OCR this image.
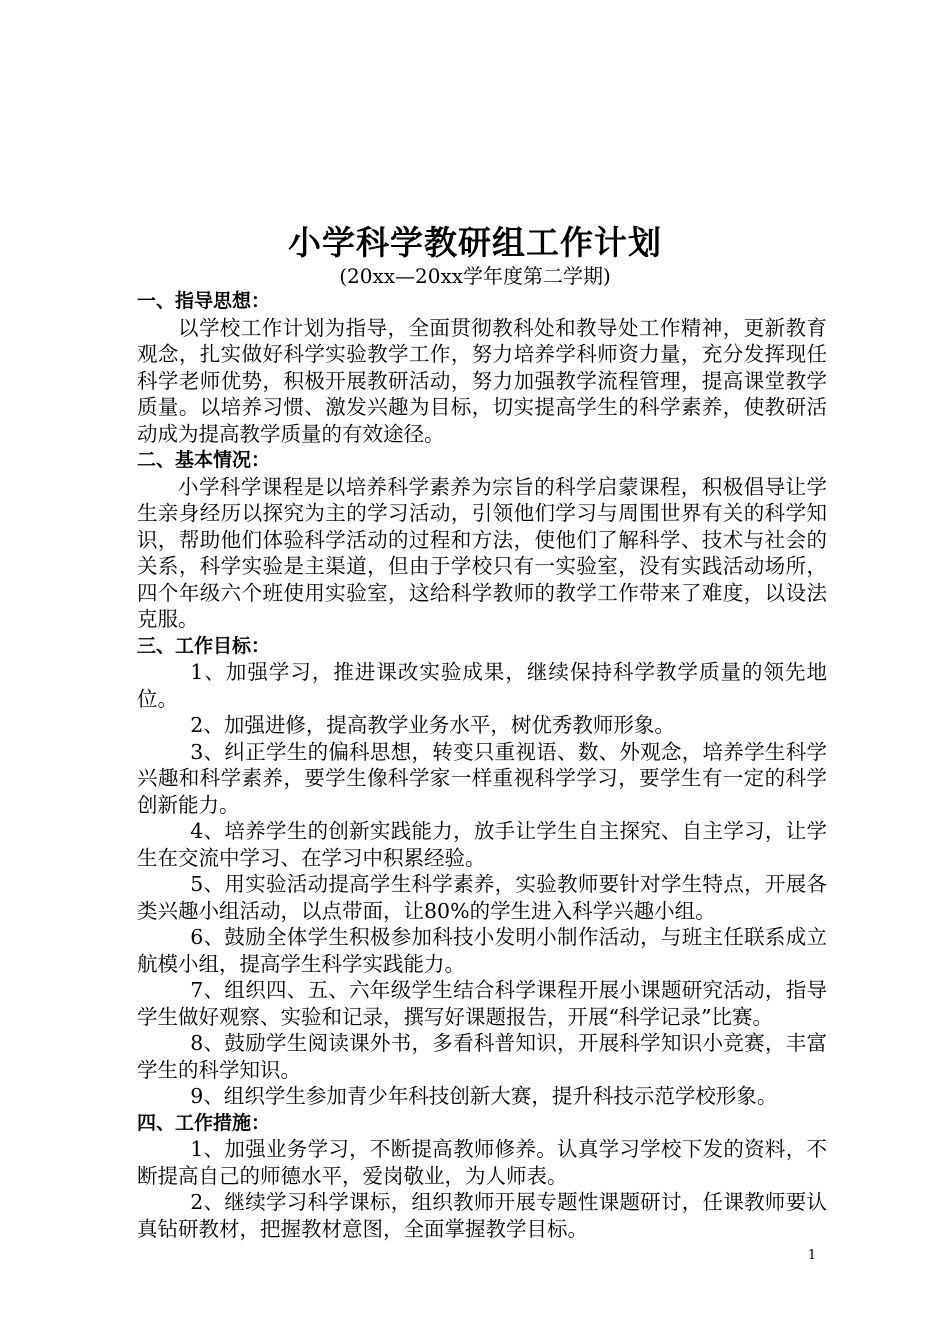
小学科学教研组工作计划
(20xx—20xx学年度第二学期)
一、指导思想：

以学校工作计划为指导，全面贯彻教科处和教导处工作精神，更新教育观念，扎实做好科学实验教学工作，努力培养学科师资力量，充分发挥现任科学老师优势，积极开展教研活动，努力加强教学流程管理，提高课堂教学质量。以培养习惯、激发兴趣为目标，切实提高学生的科学素养，使教研活动成为提高教学质量的有效途径。

二、基本情况：

小学科学课程是以培养科学素养为宗旨的科学启蒙课程，积极倡导让学生亲身经历以探究为主的学习活动，引领他们学习与周围世界有关的科学知识，帮助他们体验科学活动的过程和方法，使他们了解科学、技术与社会的关系，科学实验是主渠道，但由于学校只有一实验室，没有实践活动场所，四个年级六个班使用实验室，这给科学教师的教学工作带来了难度，以设法克服。

三、工作目标：

1、加强学习，推进课改实验成果，继续保持科学教学质量的领先地位。

2、加强进修，提高教学业务水平，树优秀教师形象。

3、纠正学生的偏科思想，转变只重视语、数、外观念，培养学生科学兴趣和科学素养，要学生像科学家一样重视科学学习，要学生有一定的科学创新能力。

4、培养学生的创新实践能力，放手让学生自主探究、自主学习，让学生在交流中学习、在学习中积累经验。

5、用实验活动提高学生科学素养，实验教师要针对学生特点，开展各类兴趣小组活动，以点带面，让80%的学生进入科学兴趣小组。

6、鼓励全体学生积极参加科技小发明小制作活动，与班主任联系成立航模小组，提高学生科学实践能力。

7、组织四、五、六年级学生结合科学课程开展小课题研究活动，指导学生做好观察、实验和记录，撰写好课题报告，开展“科学记录”比赛。

8、鼓励学生阅读课外书，多看科普知识，开展科学知识小竞赛，丰富学生的科学知识。

9、组织学生参加青少年科技创新大赛，提升科技示范学校形象。

四、工作措施：

1、加强业务学习，不断提高教师修养。认真学习学校下发的资料，不断提高自己的师德水平，爱岗敬业，为人师表。

2、继续学习科学课标，组织教师开展专题性课题研讨，任课教师要认真钻研教材，把握教材意图，全面掌握教学目标。

1
